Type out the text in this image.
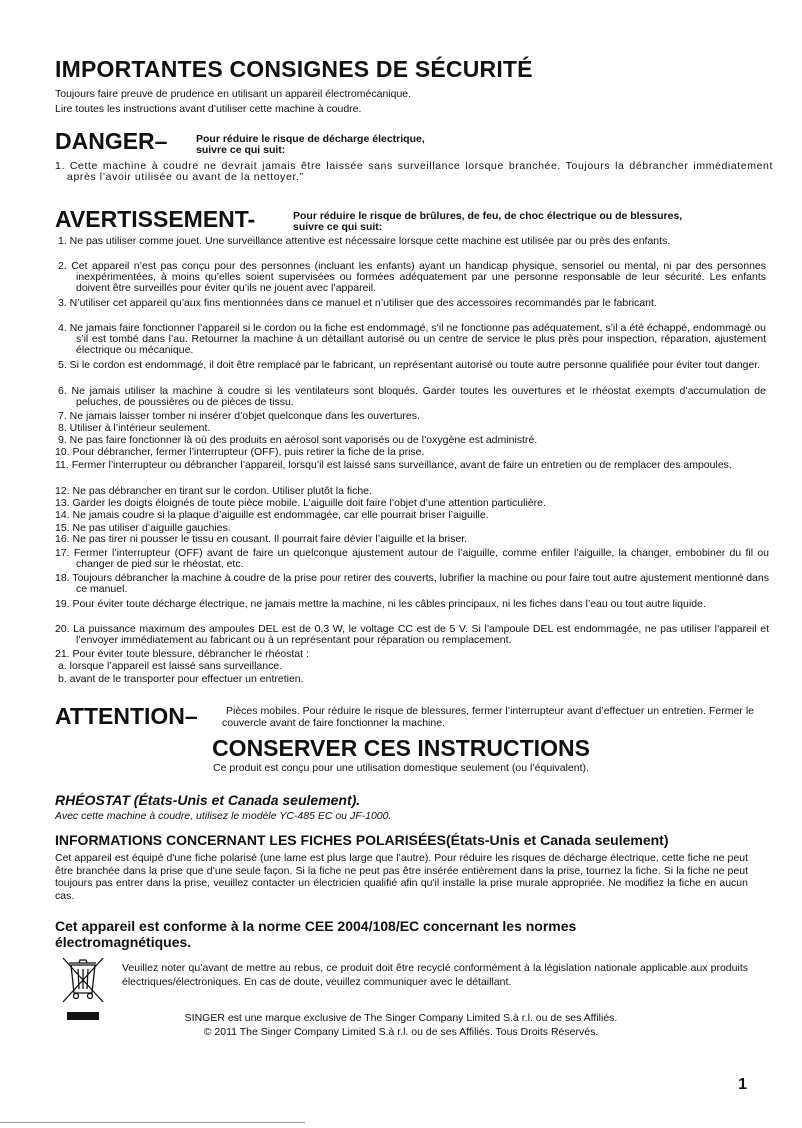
IMPORTANTES CONSIGNES DE SÉCURITÉ
Toujours faire preuve de prudence en utilisant un appareil électromécanique.
Lire toutes les instructions avant d’utiliser cette machine à coudre.
DANGER–	Pour réduire le risque de décharge électrique,
suivre ce qui suit:
1. Cette machine à coudre ne devrait jamais être laissée sans surveillance lorsque branchée. Toujours la débrancher immédiatement après l’avoir utilisée ou avant de la nettoyer.”
AVERTISSEMENT-	Pour réduire le risque de brûlures, de feu, de choc électrique ou de blessures,
suivre ce qui suit:
1. Ne pas utiliser comme jouet. Une surveillance attentive est nécessaire lorsque cette machine est utilisée par ou près des enfants.
2. Cet appareil n’est pas conçu pour des personnes (incluant les enfants) ayant un handicap physique, sensoriel ou mental, ni par des personnes inexpérimentées, à moins qu’elles soient supervisées ou formées adéquatement par une personne responsable de leur sécurité. Les enfants doivent être surveillés pour éviter qu’ils ne jouent avec l’appareil.
3. N’utiliser cet appareil qu’aux fins mentionnées dans ce manuel et n’utiliser que des accessoires recommandés par le fabricant.
4. Ne jamais faire fonctionner l’appareil si le cordon ou la fiche est endommagé, s’il ne fonctionne pas adéquatement, s’il a été échappé, endommagé ou s’il est tombé dans l’au. Retourner la machine à un détaillant autorisé ou un centre de service le plus près pour inspection, réparation, ajustement électrique ou mécanique.
5. Si le cordon est endommagé, il doit être remplacé par le fabricant, un représentant autorisé ou toute autre personne qualifiée pour éviter tout danger.
6. Ne jamais utiliser la machine à coudre si les ventilateurs sont bloqués. Garder toutes les ouvertures et le rhéostat exempts d’accumulation de peluches, de poussières ou de pièces de tissu.
7. Ne jamais laisser tomber ni insérer d’objet quelconque dans les ouvertures.
8. Utiliser à l’intérieur seulement.
9. Ne pas faire fonctionner là où des produits en aérosol sont vaporisés ou de l’oxygène est administré.
10. Pour débrancher, fermer l’interrupteur (OFF), puis retirer la fiche de la prise.
11. Fermer l’interrupteur ou débrancher l’appareil, lorsqu’il est laissé sans surveillance, avant de faire un entretien ou de remplacer des ampoules.
12. Ne pas débrancher en tirant sur le cordon. Utiliser plutôt la fiche.
13. Garder les doigts éloignés de toute pièce mobile. L’aiguille doit faire l’objet d’une attention particulière.
14. Ne jamais coudre si la plaque d’aiguille est endommagée, car elle pourrait briser l’aiguille.
15. Ne pas utiliser d’aiguille gauchies.
16. Ne pas tirer ni pousser le tissu en cousant. Il pourrait faire dévier l’aiguille et la briser.
17. Fermer l’interrupteur (OFF) avant de faire un quelconque ajustement autour de l’aiguille, comme enfiler l’aiguille, la changer, embobiner du fil ou changer de pied sur le rhéostat, etc.
18. Toujours débrancher la machine à coudre de la prise pour retirer des couverts, lubrifier la machine ou pour faire tout autre ajustement mentionné dans ce manuel.
19. Pour éviter toute décharge électrique, ne jamais mettre la machine, ni les câbles principaux, ni les fiches dans l’eau ou tout autre liquide.
20. La puissance maximum des ampoules DEL est de 0,3 W, le voltage CC est de 5 V. Si l’ampoule DEL est endommagée, ne pas utiliser l’appareil et l’envoyer immédiatement au fabricant ou à un représentant pour réparation ou remplacement.
21. Pour éviter toute blessure, débrancher le rhéostat :
a. lorsque l’appareil est laissé sans surveillance.
b. avant de le transporter pour effectuer un entretien.
ATTENTION–	Pièces mobiles. Pour réduire le risque de blessures, fermer l’interrupteur avant d’effectuer un entretien. Fermer le couvercle avant de faire fonctionner la machine.
CONSERVER CES INSTRUCTIONS
Ce produit est conçu pour une utilisation domestique seulement (ou l’équivalent).
RHÉOSTAT (États-Unis et Canada seulement).
Avec cette machine à coudre, utilisez le modèle YC-485 EC ou JF-1000.
INFORMATIONS CONCERNANT LES FICHES POLARISÉES(États-Unis et Canada seulement)
Cet appareil est équipé d'une fiche polarisé (une lame est plus large que l’autre). Pour réduire les risques de décharge électrique, cette fiche ne peut être branchée dans la prise que d’une seule façon. Si la fiche ne peut pas être insérée entièrement dans la prise, tournez la fiche. Si la fiche ne peut toujours pas entrer dans la prise, veuillez contacter un électricien qualifié afin qu'il installe la prise murale appropriée. Ne modifiez la fiche en aucun cas.
Cet appareil est conforme à la norme CEE 2004/108/EC concernant les normes
électromagnétiques.
Veuillez noter qu’avant de mettre au rebus, ce produit doit être recyclé conformément à la législation nationale applicable aux produits électriques/électroniques. En cas de doute, veuillez communiquer avec le détaillant.
SINGER est une marque exclusive de The Singer Company Limited S.à r.l. ou de ses Affiliés.
© 2011 The Singer Company Limited S.à r.l. ou de ses Affiliés. Tous Droits Réservés.
1
